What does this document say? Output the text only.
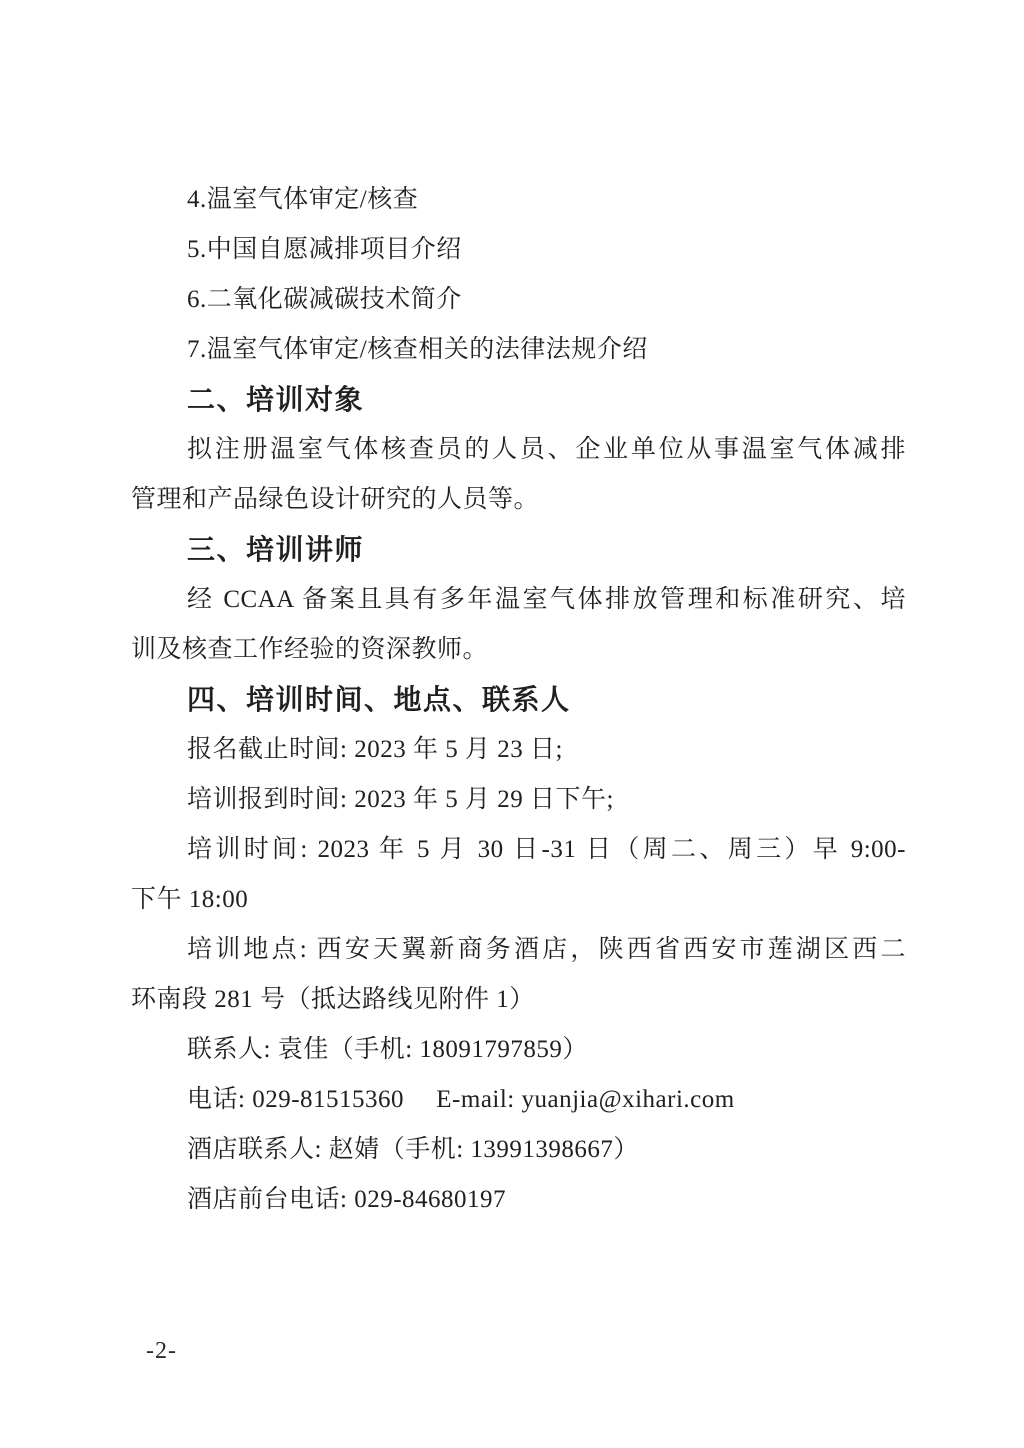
4.温室气体审定/核查
5.中国自愿减排项目介绍
6.二氧化碳减碳技术简介
7.温室气体审定/核查相关的法律法规介绍
二、培训对象
拟注册温室气体核查员的人员、企业单位从事温室气体减排
管理和产品绿色设计研究的人员等。
三、培训讲师
经 CCAA 备案且具有多年温室气体排放管理和标准研究、培
训及核查工作经验的资深教师。
四、培训时间、地点、联系人
报名截止时间: 2023 年 5 月 23 日;
培训报到时间: 2023 年 5 月 29 日下午;
培训时间: 2023 年 5 月 30 日-31 日（周二、周三）早 9:00-
下午 18:00
培训地点: 西安天翼新商务酒店，陕西省西安市莲湖区西二
环南段 281 号（抵达路线见附件 1）
联系人: 袁佳（手机: 18091797859）
电话: 029-81515360　 E-mail: yuanjia@xihari.com
酒店联系人: 赵婧（手机: 13991398667）
酒店前台电话: 029-84680197
-2-
